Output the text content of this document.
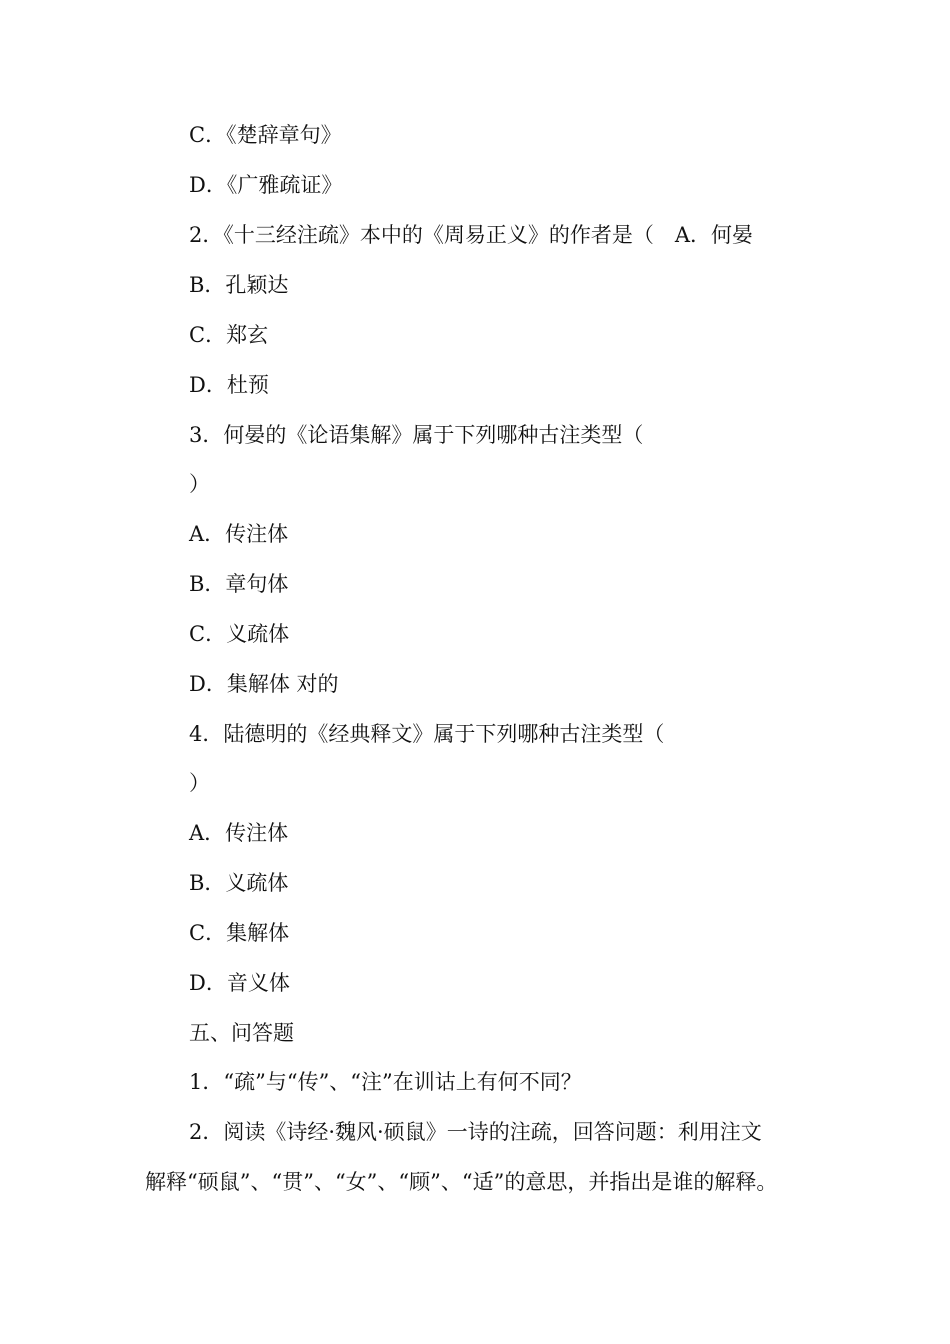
C．《楚辞章句》
D．《广雅疏证》
2．《十三经注疏》本中的《周易正义》的作者是（　A．何晏
B．孔颖达
C．郑玄
D．杜预
3．何晏的《论语集解》属于下列哪种古注类型（
）
A．传注体
B．章句体
C．义疏体
D．集解体 对的
4．陆德明的《经典释文》属于下列哪种古注类型（
）
A．传注体
B．义疏体
C．集解体
D．音义体
五、问答题
1．“疏”与“传”、“注”在训诂上有何不同？
2．阅读《诗经·魏风·硕鼠》一诗的注疏，回答问题：利用注文
解释“硕鼠”、“贯”、“女”、“顾”、“适”的意思，并指出是谁的解释。
